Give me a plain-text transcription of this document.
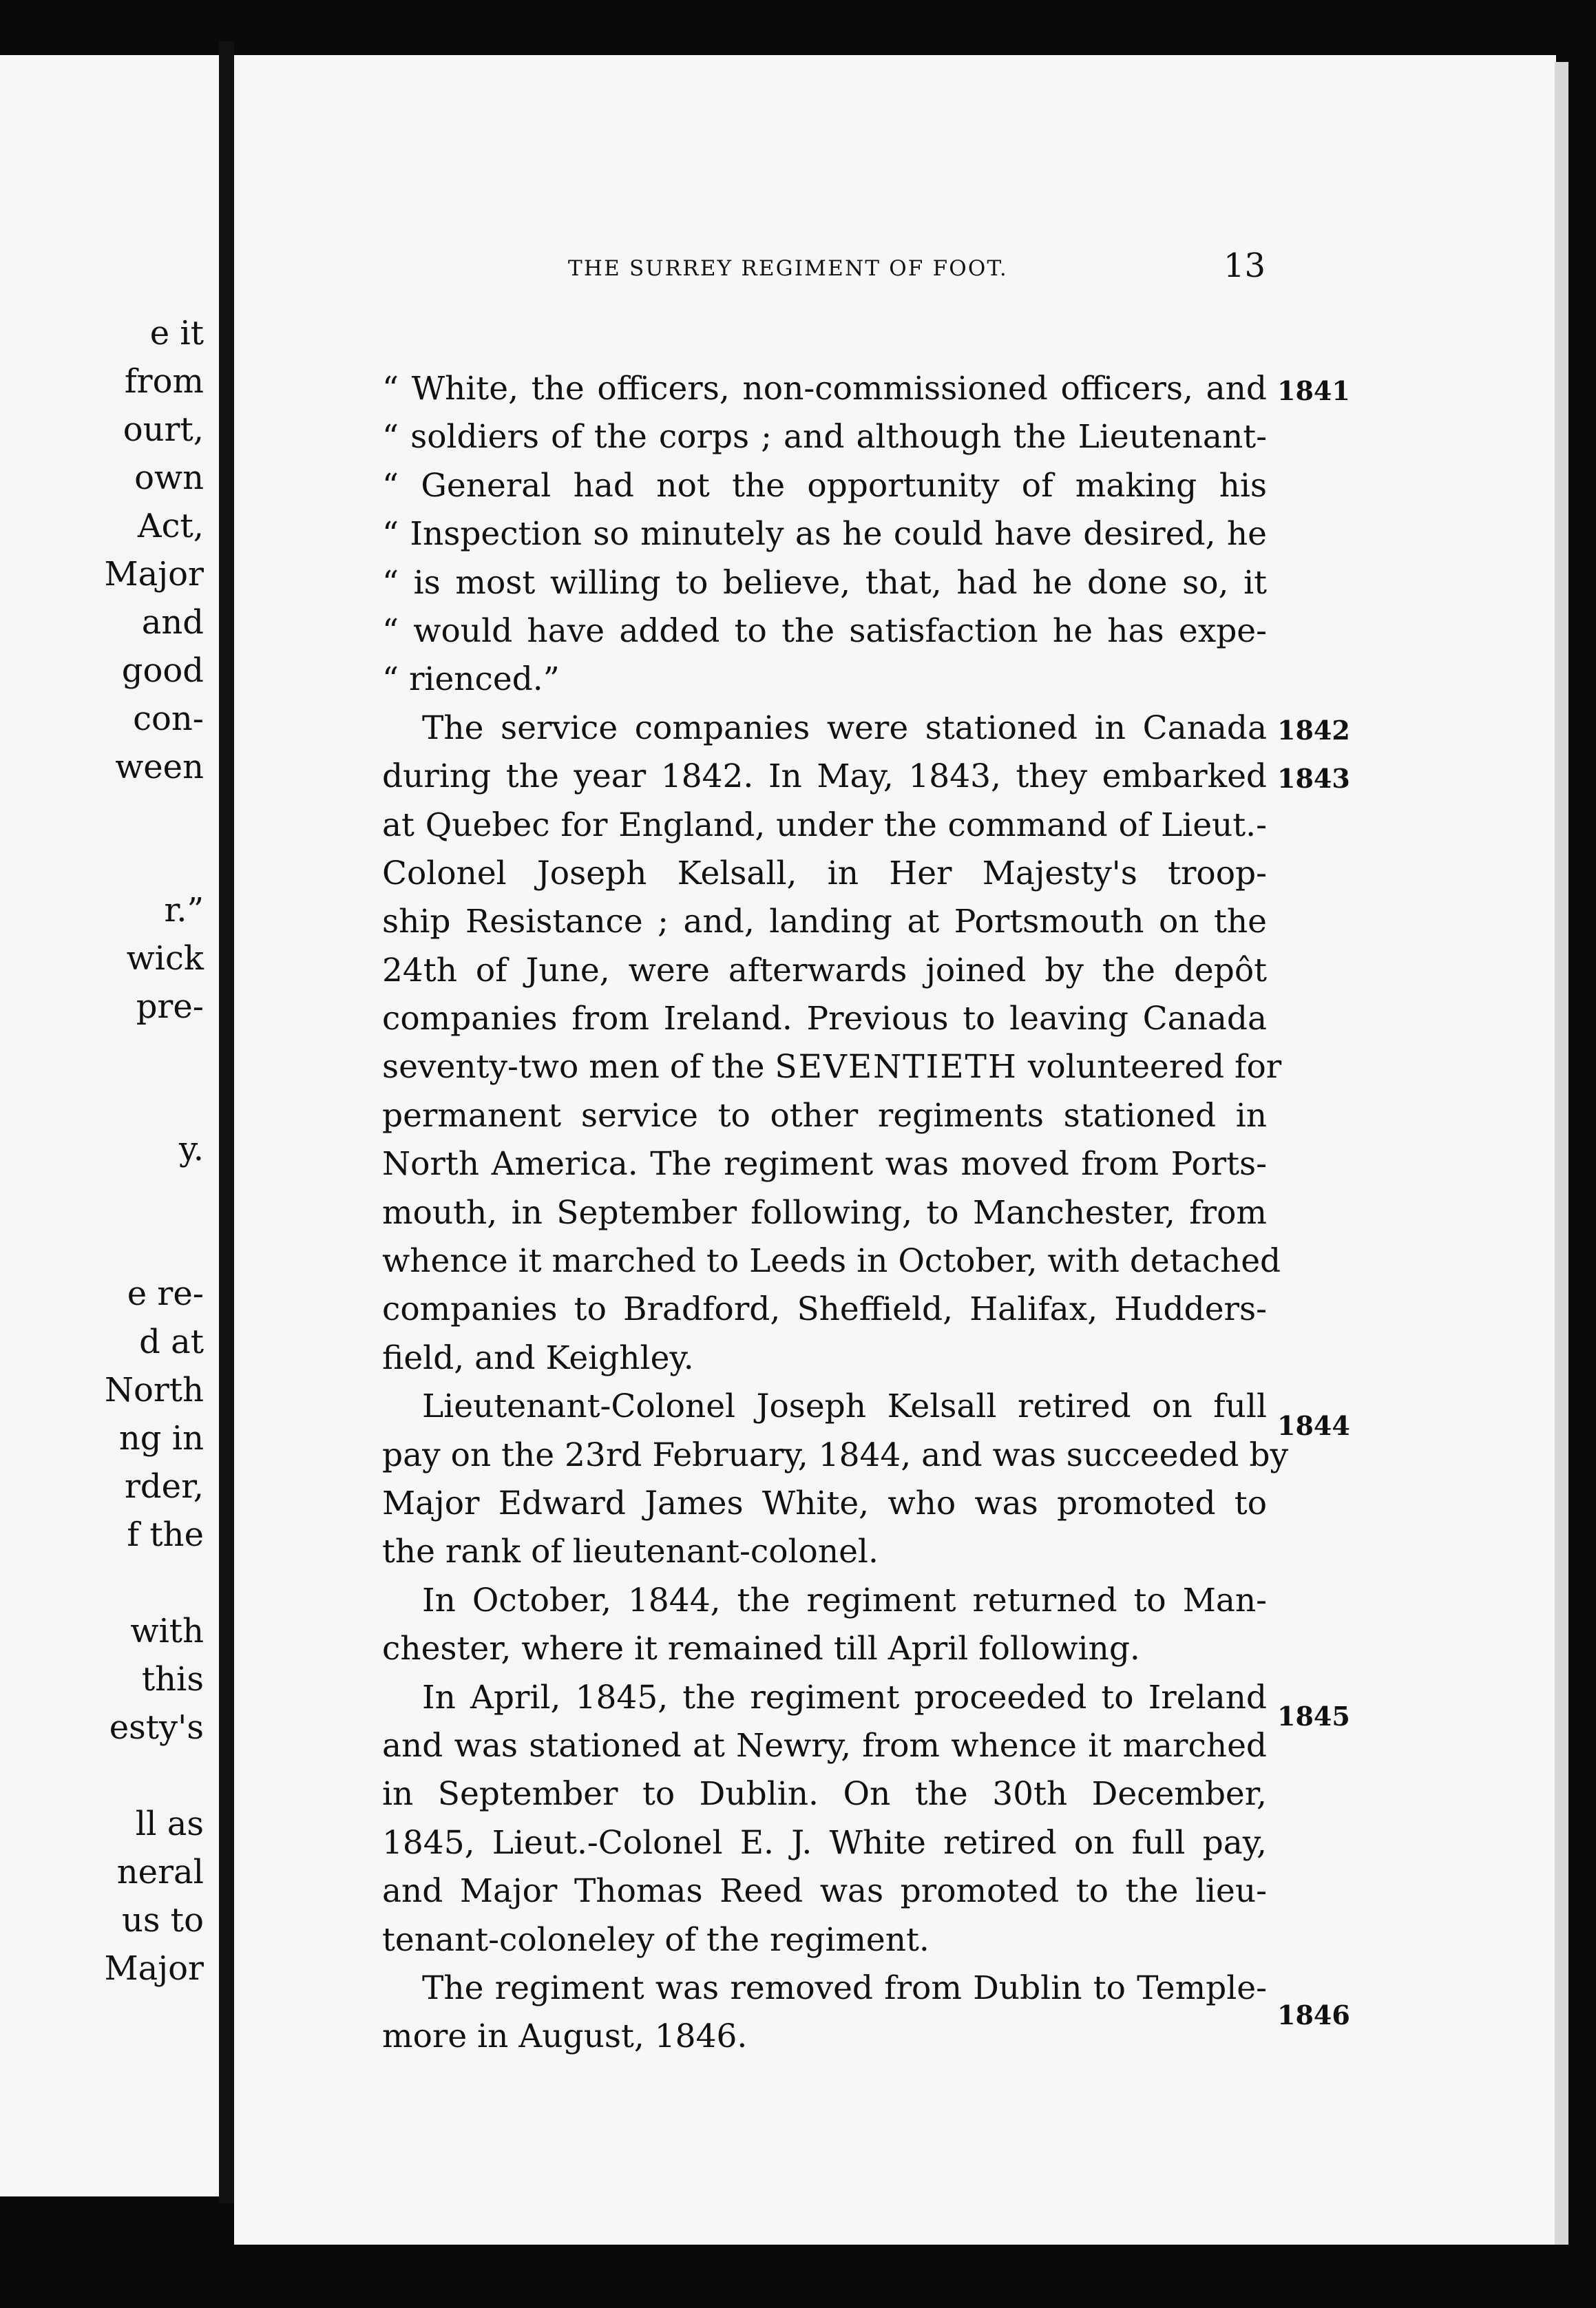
e it
from
ourt,
own
Act,
Major
and
good
con-
ween
r.”
wick
pre-
y.
e re-
d at
North
ng in
rder,
f the
with
this
esty's
ll as
neral
us to
Major
THE SURREY REGIMENT OF FOOT.	13
“ White, the officers, non-commissioned officers, and
“ soldiers of the corps ; and although the Lieutenant-
“ General had not the opportunity of making his
“ Inspection so minutely as he could have desired, he
“ is most willing to believe, that, had he done so, it
“ would have added to the satisfaction he has expe-
“ rienced.”
The service companies were stationed in Canada
during the year 1842. In May, 1843, they embarked
at Quebec for England, under the command of Lieut.-
Colonel Joseph Kelsall, in Her Majesty's troop-
ship Resistance ; and, landing at Portsmouth on the
24th of June, were afterwards joined by the depôt
companies from Ireland. Previous to leaving Canada
seventy-two men of the SEVENTIETH volunteered for
permanent service to other regiments stationed in
North America. The regiment was moved from Ports-
mouth, in September following, to Manchester, from
whence it marched to Leeds in October, with detached
companies to Bradford, Sheffield, Halifax, Hudders-
field, and Keighley.
Lieutenant-Colonel Joseph Kelsall retired on full
pay on the 23rd February, 1844, and was succeeded by
Major Edward James White, who was promoted to
the rank of lieutenant-colonel.
In October, 1844, the regiment returned to Man-
chester, where it remained till April following.
In April, 1845, the regiment proceeded to Ireland
and was stationed at Newry, from whence it marched
in September to Dublin. On the 30th December,
1845, Lieut.-Colonel E. J. White retired on full pay,
and Major Thomas Reed was promoted to the lieu-
tenant-coloneley of the regiment.
The regiment was removed from Dublin to Temple-
more in August, 1846.
1841
1842
1843
1844
1845
1846
